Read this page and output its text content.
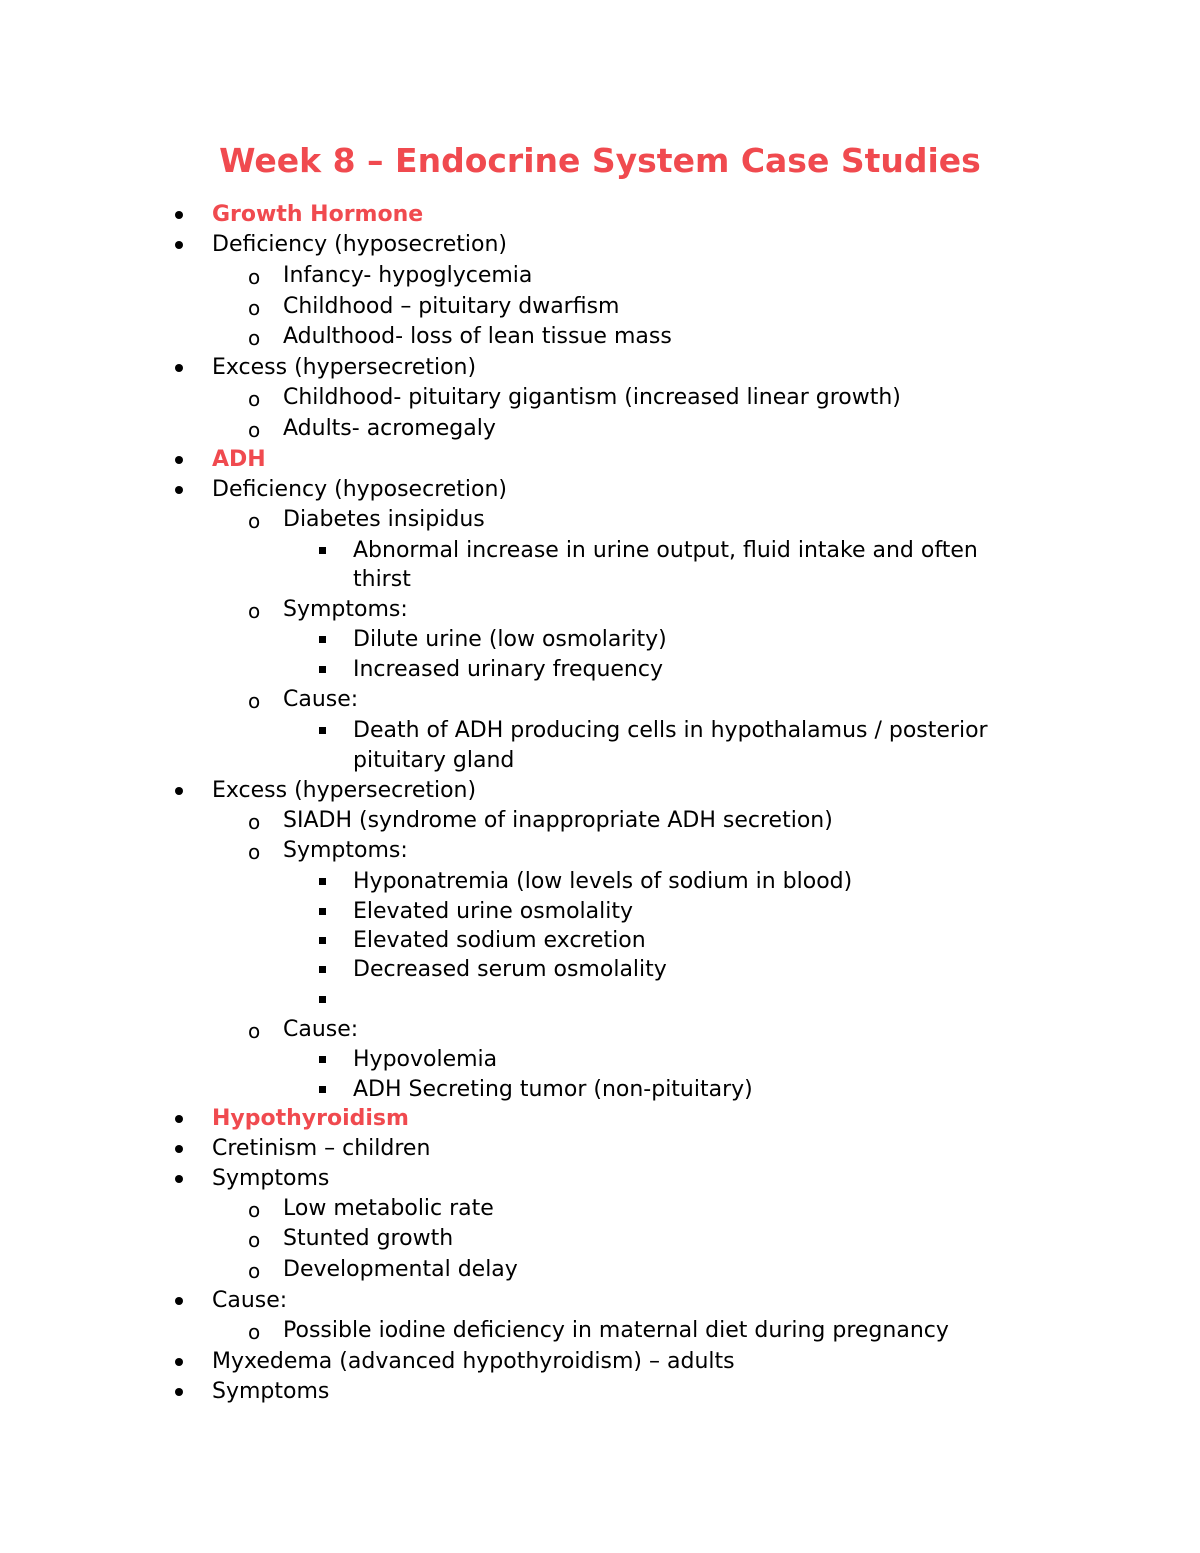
Week 8 – Endocrine System Case Studies
Growth Hormone
Deficiency (hyposecretion)
o Infancy- hypoglycemia
o Childhood – pituitary dwarfism
o Adulthood- loss of lean tissue mass
Excess (hypersecretion)
o Childhood- pituitary gigantism (increased linear growth)
o Adults- acromegaly
ADH
Deficiency (hyposecretion)
o Diabetes insipidus
Abnormal increase in urine output, fluid intake and often
thirst
o Symptoms:
Dilute urine (low osmolarity)
Increased urinary frequency
o Cause:
Death of ADH producing cells in hypothalamus / posterior
pituitary gland
Excess (hypersecretion)
o SIADH (syndrome of inappropriate ADH secretion)
o Symptoms:
Hyponatremia (low levels of sodium in blood)
Elevated urine osmolality
Elevated sodium excretion
Decreased serum osmolality
o Cause:
Hypovolemia
ADH Secreting tumor (non-pituitary)
Hypothyroidism
Cretinism – children
Symptoms
o Low metabolic rate
o Stunted growth
o Developmental delay
Cause:
o Possible iodine deficiency in maternal diet during pregnancy
Myxedema (advanced hypothyroidism) – adults
Symptoms
